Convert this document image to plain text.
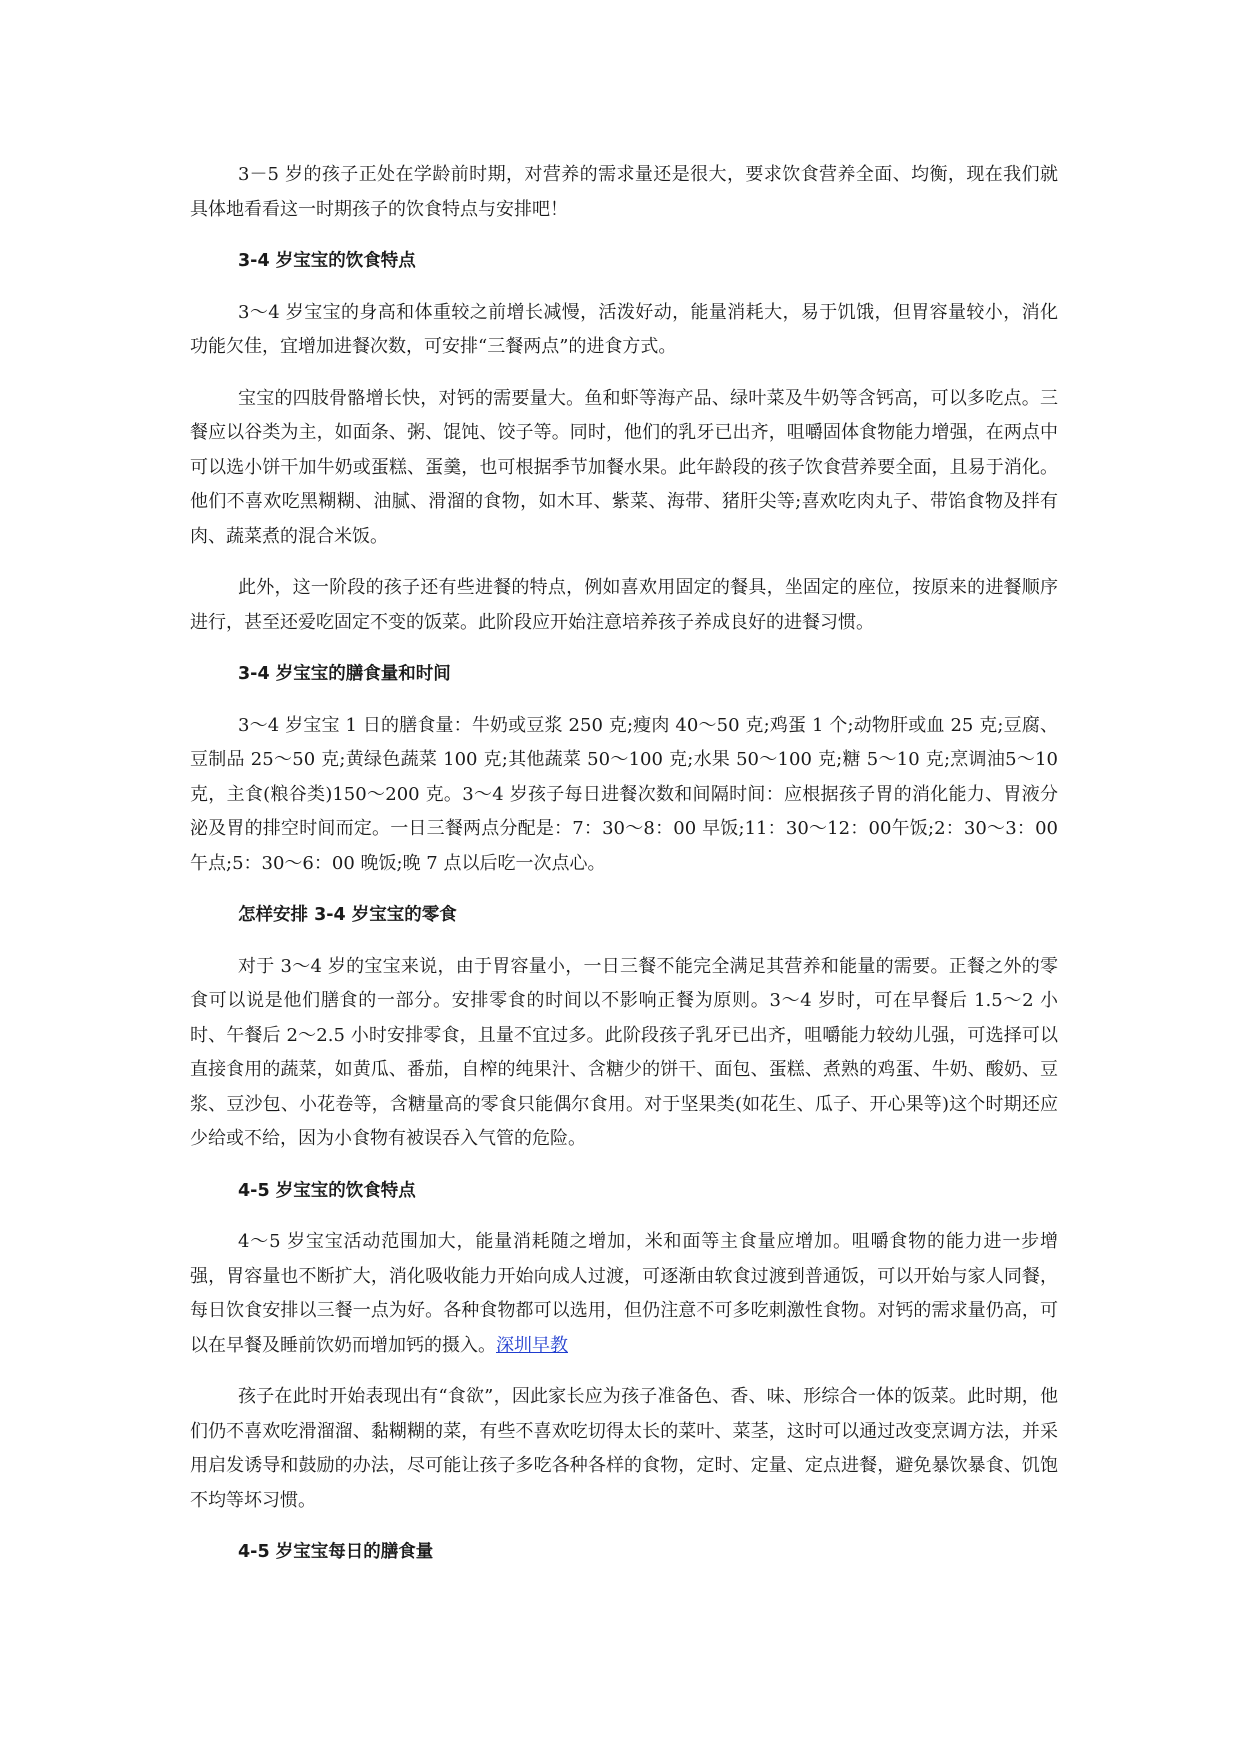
3－5 岁的孩子正处在学龄前时期，对营养的需求量还是很大，要求饮食营养全面、均衡，现在我们就具体地看看这一时期孩子的饮食特点与安排吧！

3-4 岁宝宝的饮食特点

3～4 岁宝宝的身高和体重较之前增长减慢，活泼好动，能量消耗大，易于饥饿，但胃容量较小，消化功能欠佳，宜增加进餐次数，可安排“三餐两点”的进食方式。

宝宝的四肢骨骼增长快，对钙的需要量大。鱼和虾等海产品、绿叶菜及牛奶等含钙高，可以多吃点。三餐应以谷类为主，如面条、粥、馄饨、饺子等。同时，他们的乳牙已出齐，咀嚼固体食物能力增强，在两点中可以选小饼干加牛奶或蛋糕、蛋羹，也可根据季节加餐水果。此年龄段的孩子饮食营养要全面，且易于消化。他们不喜欢吃黑糊糊、油腻、滑溜的食物，如木耳、紫菜、海带、猪肝尖等;喜欢吃肉丸子、带馅食物及拌有肉、蔬菜煮的混合米饭。

此外，这一阶段的孩子还有些进餐的特点，例如喜欢用固定的餐具，坐固定的座位，按原来的进餐顺序进行，甚至还爱吃固定不变的饭菜。此阶段应开始注意培养孩子养成良好的进餐习惯。

3-4 岁宝宝的膳食量和时间

3～4 岁宝宝 1 日的膳食量：牛奶或豆浆 250 克;瘦肉 40～50 克;鸡蛋 1 个;动物肝或血 25 克;豆腐、豆制品 25～50 克;黄绿色蔬菜 100 克;其他蔬菜 50～100 克;水果 50～100 克;糖 5～10 克;烹调油5～10 克，主食(粮谷类)150～200 克。3～4 岁孩子每日进餐次数和间隔时间：应根据孩子胃的消化能力、胃液分泌及胃的排空时间而定。一日三餐两点分配是：7：30～8：00 早饭;11：30～12：00午饭;2：30～3：00 午点;5：30～6：00 晚饭;晚 7 点以后吃一次点心。

怎样安排 3-4 岁宝宝的零食

对于 3～4 岁的宝宝来说，由于胃容量小，一日三餐不能完全满足其营养和能量的需要。正餐之外的零食可以说是他们膳食的一部分。安排零食的时间以不影响正餐为原则。3～4 岁时，可在早餐后 1.5～2 小时、午餐后 2～2.5 小时安排零食，且量不宜过多。此阶段孩子乳牙已出齐，咀嚼能力较幼儿强，可选择可以直接食用的蔬菜，如黄瓜、番茄，自榨的纯果汁、含糖少的饼干、面包、蛋糕、煮熟的鸡蛋、牛奶、酸奶、豆浆、豆沙包、小花卷等，含糖量高的零食只能偶尔食用。对于坚果类(如花生、瓜子、开心果等)这个时期还应少给或不给，因为小食物有被误吞入气管的危险。

4-5 岁宝宝的饮食特点

4～5 岁宝宝活动范围加大，能量消耗随之增加，米和面等主食量应增加。咀嚼食物的能力进一步增强，胃容量也不断扩大，消化吸收能力开始向成人过渡，可逐渐由软食过渡到普通饭，可以开始与家人同餐，每日饮食安排以三餐一点为好。各种食物都可以选用，但仍注意不可多吃刺激性食物。对钙的需求量仍高，可以在早餐及睡前饮奶而增加钙的摄入。深圳早教

孩子在此时开始表现出有“食欲”，因此家长应为孩子准备色、香、味、形综合一体的饭菜。此时期，他们仍不喜欢吃滑溜溜、黏糊糊的菜，有些不喜欢吃切得太长的菜叶、菜茎，这时可以通过改变烹调方法，并采用启发诱导和鼓励的办法，尽可能让孩子多吃各种各样的食物，定时、定量、定点进餐，避免暴饮暴食、饥饱不均等坏习惯。

4-5 岁宝宝每日的膳食量
